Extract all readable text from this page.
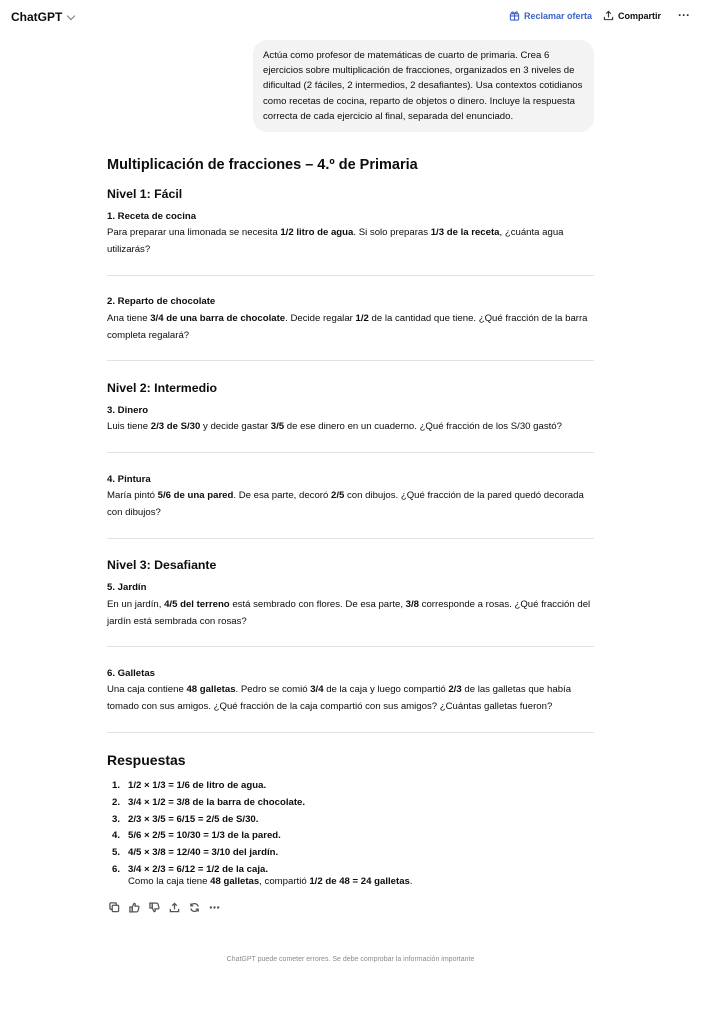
ChatGPT	Reclamar oferta	Compartir ···
Actúa como profesor de matemáticas de cuarto de primaria. Crea 6 ejercicios sobre multiplicación de fracciones, organizados en 3 niveles de dificultad (2 fáciles, 2 intermedios, 2 desafiantes). Usa contextos cotidianos como recetas de cocina, reparto de objetos o dinero. Incluye la respuesta correcta de cada ejercicio al final, separada del enunciado.
Multiplicación de fracciones – 4.º de Primaria
Nivel 1: Fácil
1. Receta de cocina
Para preparar una limonada se necesita 1/2 litro de agua. Si solo preparas 1/3 de la receta, ¿cuánta agua utilizarás?
2. Reparto de chocolate
Ana tiene 3/4 de una barra de chocolate. Decide regalar 1/2 de la cantidad que tiene. ¿Qué fracción de la barra completa regalará?
Nivel 2: Intermedio
3. Dinero
Luis tiene 2/3 de S/30 y decide gastar 3/5 de ese dinero en un cuaderno. ¿Qué fracción de los S/30 gastó?
4. Pintura
María pintó 5/6 de una pared. De esa parte, decoró 2/5 con dibujos. ¿Qué fracción de la pared quedó decorada con dibujos?
Nivel 3: Desafiante
5. Jardín
En un jardín, 4/5 del terreno está sembrado con flores. De esa parte, 3/8 corresponde a rosas. ¿Qué fracción del jardín está sembrada con rosas?
6. Galletas
Una caja contiene 48 galletas. Pedro se comió 3/4 de la caja y luego compartió 2/3 de las galletas que había tomado con sus amigos. ¿Qué fracción de la caja compartió con sus amigos? ¿Cuántas galletas fueron?
Respuestas
1. 1/2 × 1/3 = 1/6 de litro de agua.
2. 3/4 × 1/2 = 3/8 de la barra de chocolate.
3. 2/3 × 3/5 = 6/15 = 2/5 de S/30.
4. 5/6 × 2/5 = 10/30 = 1/3 de la pared.
5. 4/5 × 3/8 = 12/40 = 3/10 del jardín.
6. 3/4 × 2/3 = 6/12 = 1/2 de la caja.
Como la caja tiene 48 galletas, compartió 1/2 de 48 = 24 galletas.
ChatGPT puede cometer errores. Se debe comprobar la información importante
